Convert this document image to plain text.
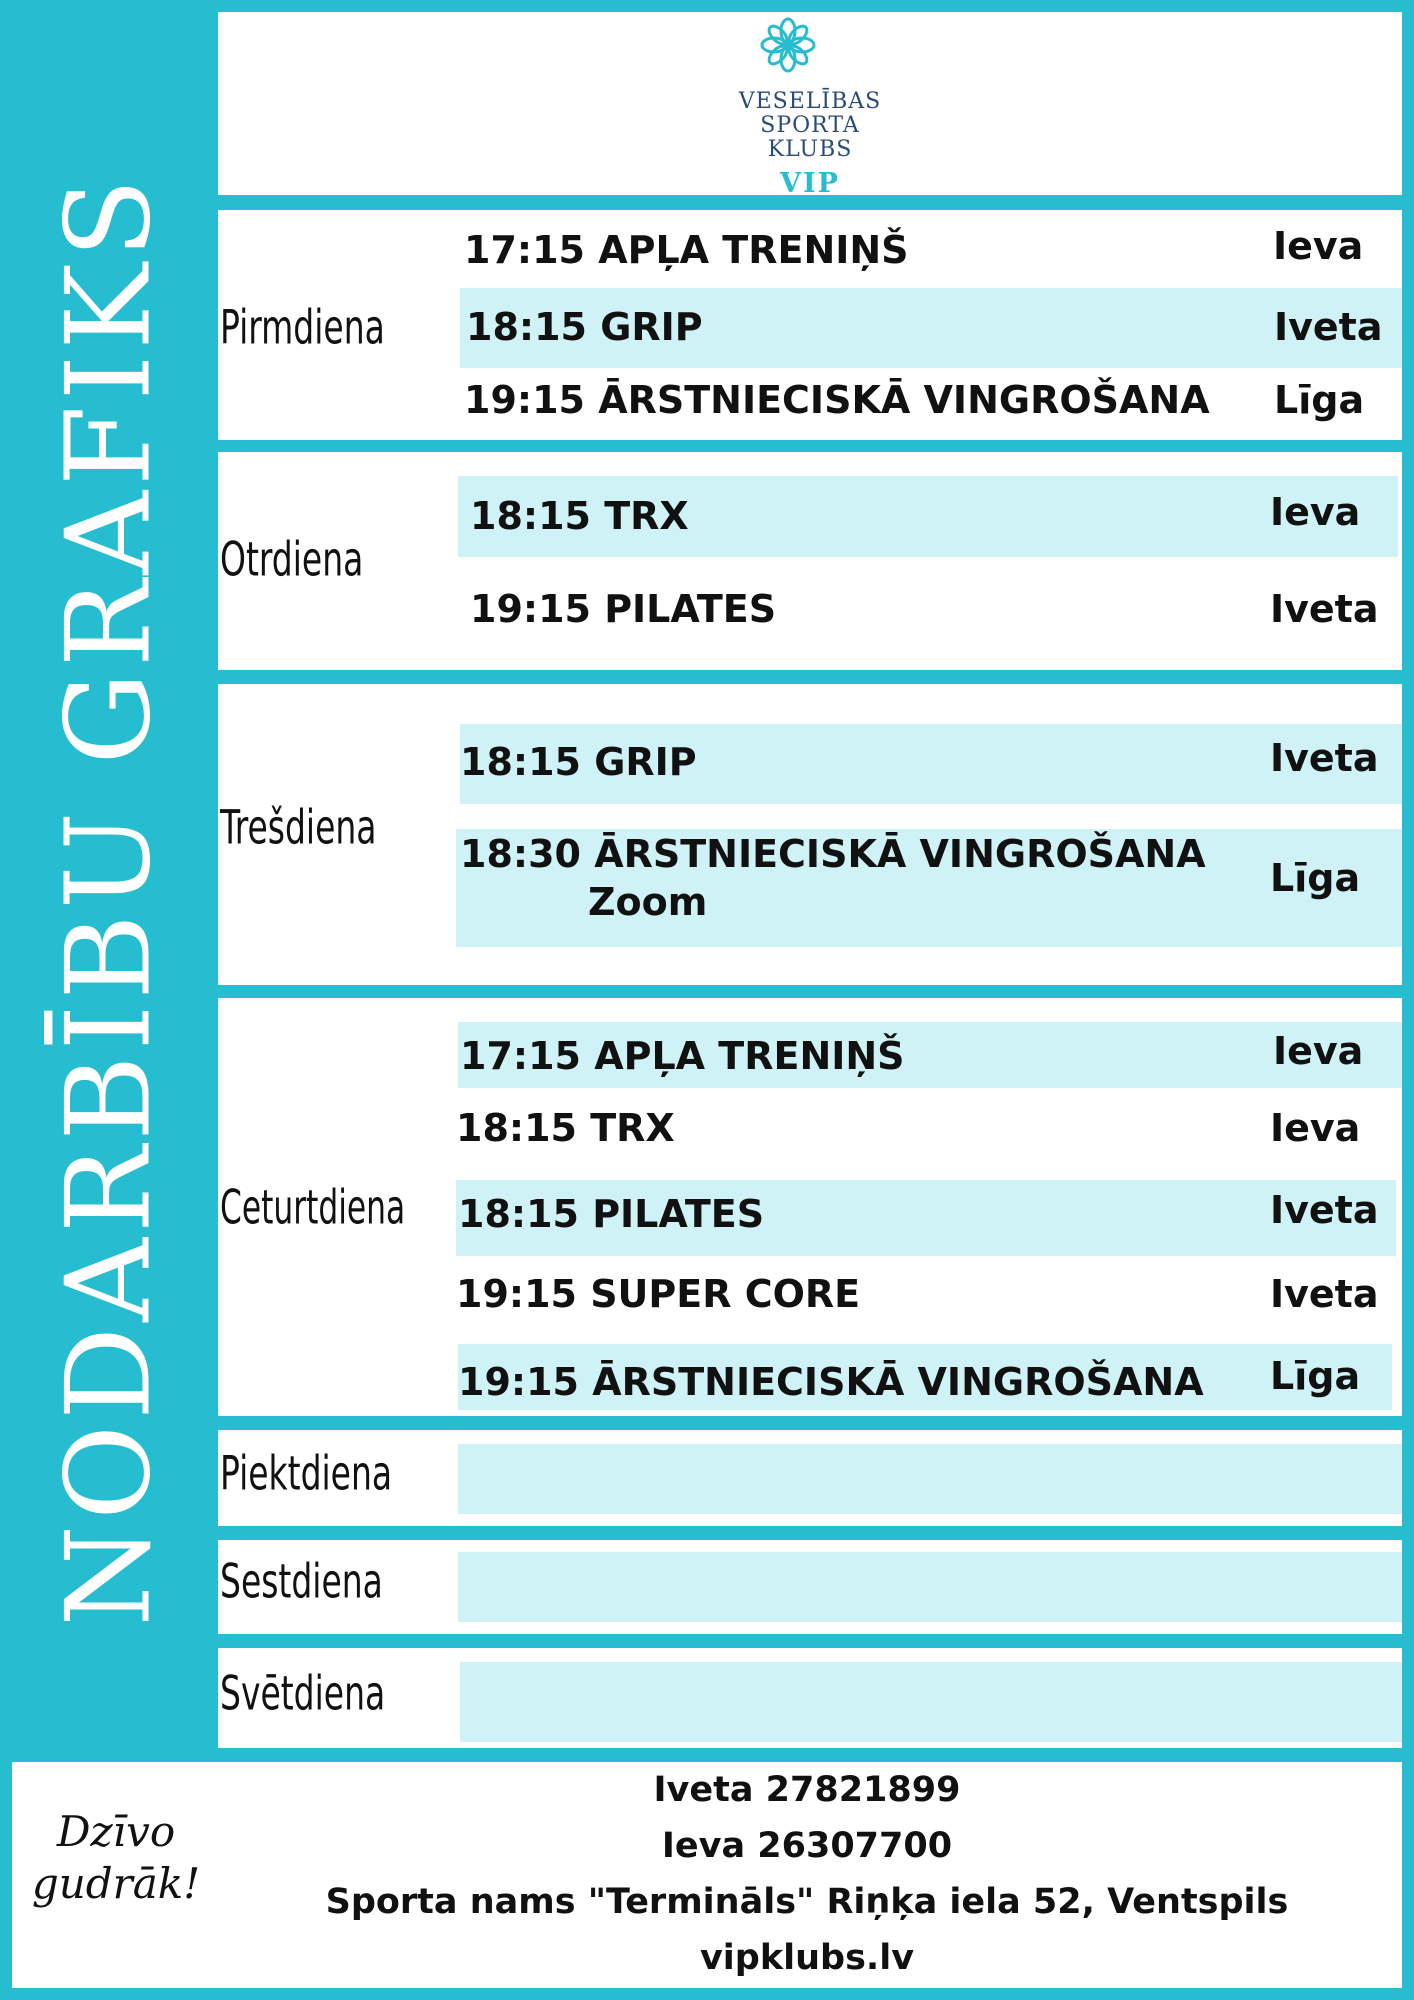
NODARBĪBU GRAFIKS
VESELĪBAS
SPORTA
KLUBS
VIP
Pirmdiena
17:15 APĻA TRENIŅŠ	Ieva
18:15 GRIP	Iveta
19:15 ĀRSTNIECISKĀ VINGROŠANA Līga
Otrdiena
18:15 TRX	Ieva
19:15 PILATES	Iveta
Trešdiena
18:15 GRIP	Iveta
18:30 ĀRSTNIECISKĀ VINGROŠANA
Zoom
Līga
Ceturtdiena
17:15 APĻA TRENIŅŠ	Ieva
18:15 TRX	Ieva
18:15 PILATES	Iveta
19:15 SUPER CORE	Iveta
19:15 ĀRSTNIECISKĀ VINGROŠANA Līga
Piektdiena
Sestdiena
Svētdiena
Dzīvo
gudrāk!
Iveta 27821899
Ieva 26307700
Sporta nams "Termināls" Riņķa iela 52, Ventspils
vipklubs.lv
